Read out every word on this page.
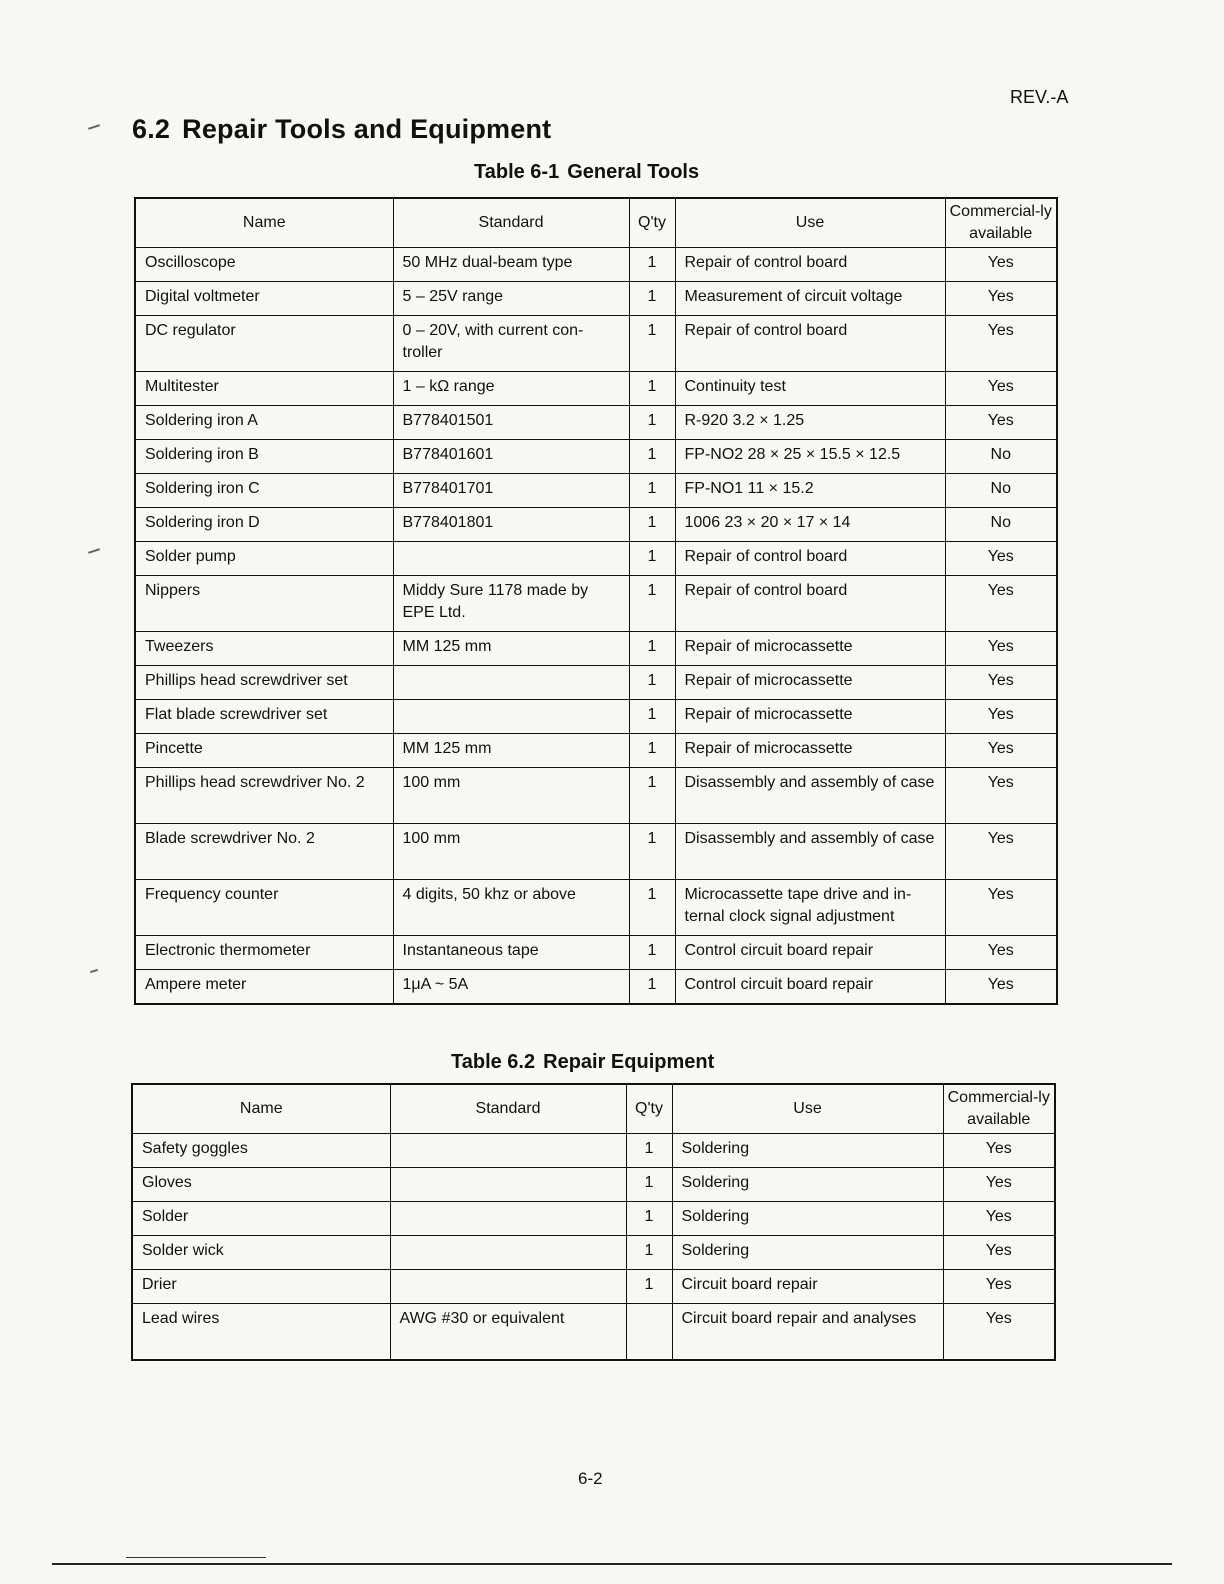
REV.-A
6.2 Repair Tools and Equipment
Table 6-1 General Tools
Name	Standard	Q'ty	Use	Commercial-ly available
Oscilloscope	50 MHz dual-beam type	1	Repair of control board	Yes
Digital voltmeter	5 – 25V range	1	Measurement of circuit voltage	Yes
DC regulator	0 – 20V, with current con-troller	1	Repair of control board	Yes
Multitester	1 – kΩ range	1	Continuity test	Yes
Soldering iron A	B778401501	1	R-920 3.2 × 1.25	Yes
Soldering iron B	B778401601	1	FP-NO2 28 × 25 × 15.5 × 12.5	No
Soldering iron C	B778401701	1	FP-NO1 11 × 15.2	No
Soldering iron D	B778401801	1	1006 23 × 20 × 17 × 14	No
Solder pump		1	Repair of control board	Yes
Nippers	Middy Sure 1178 made by EPE Ltd.	1	Repair of control board	Yes
Tweezers	MM 125 mm	1	Repair of microcassette	Yes
Phillips head screwdriver set		1	Repair of microcassette	Yes
Flat blade screwdriver set		1	Repair of microcassette	Yes
Pincette	MM 125 mm	1	Repair of microcassette	Yes
Phillips head screwdriver No. 2	100 mm	1	Disassembly and assembly of case	Yes
Blade screwdriver No. 2	100 mm	1	Disassembly and assembly of case	Yes
Frequency counter	4 digits, 50 khz or above	1	Microcassette tape drive and in-ternal clock signal adjustment	Yes
Electronic thermometer	Instantaneous tape	1	Control circuit board repair	Yes
Ampere meter	1μA ~ 5A	1	Control circuit board repair	Yes
Table 6.2 Repair Equipment
Name	Standard	Q'ty	Use	Commercial-ly available
Safety goggles		1	Soldering	Yes
Gloves		1	Soldering	Yes
Solder		1	Soldering	Yes
Solder wick		1	Soldering	Yes
Drier		1	Circuit board repair	Yes
Lead wires	AWG #30 or equivalent		Circuit board repair and analyses	Yes
6-2
